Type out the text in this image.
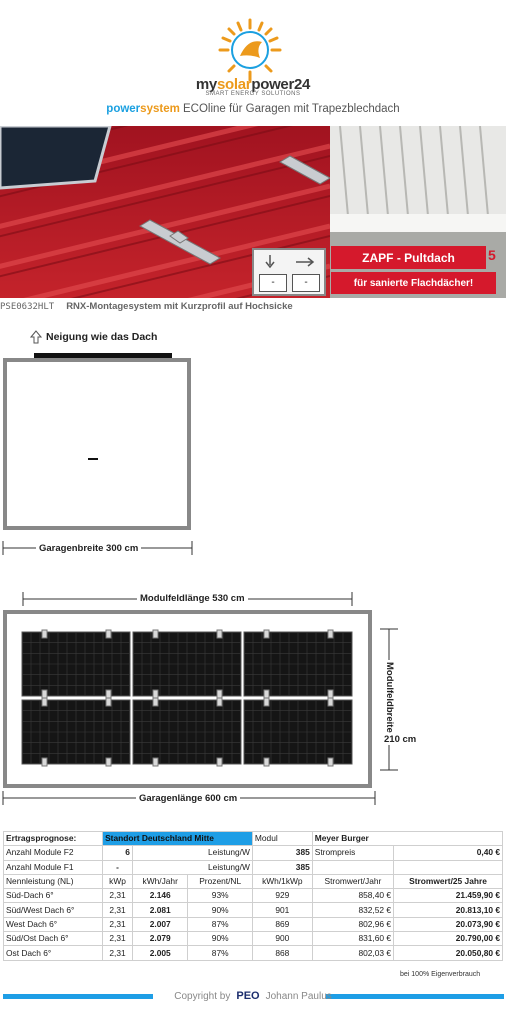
mysolarpower24
SMART ENERGY SOLUTIONS
powersystem ECOline für Garagen mit Trapezblechdach
-	-
ZAPF - Pultdach
für sanierte Flachdächer!
5
PSE0632HLT RNX-Montagesystem mit Kurzprofil auf Hochsicke
Neigung wie das Dach
Garagenbreite 300 cm
Modulfeldlänge 530 cm
Modulfeldbreite
210 cm
Garagenlänge 600 cm
Ertragsprognose:	Standort Deutschland Mitte			Modul	Meyer Burger	
Anzahl Module F2	6	Leistung/W		385	Strompreis	0,40 €
Anzahl Module F1	-	Leistung/W		385		
Nennleistung (NL)	kWp	kWh/Jahr	Prozent/NL	kWh/1kWp	Stromwert/Jahr	Stromwert/25 Jahre
Süd-Dach 6°	2,31	2.146	93%	929	858,40 €	21.459,90 €
Süd/West Dach 6°	2,31	2.081	90%	901	832,52 €	20.813,10 €
West Dach 6°	2,31	2.007	87%	869	802,96 €	20.073,90 €
Süd/Ost Dach 6°	2,31	2.079	90%	900	831,60 €	20.790,00 €
Ost Dach 6°	2,31	2.005	87%	868	802,03 €	20.050,80 €
bei 100% Eigenverbrauch
Copyright by PEO Johann Paulus
